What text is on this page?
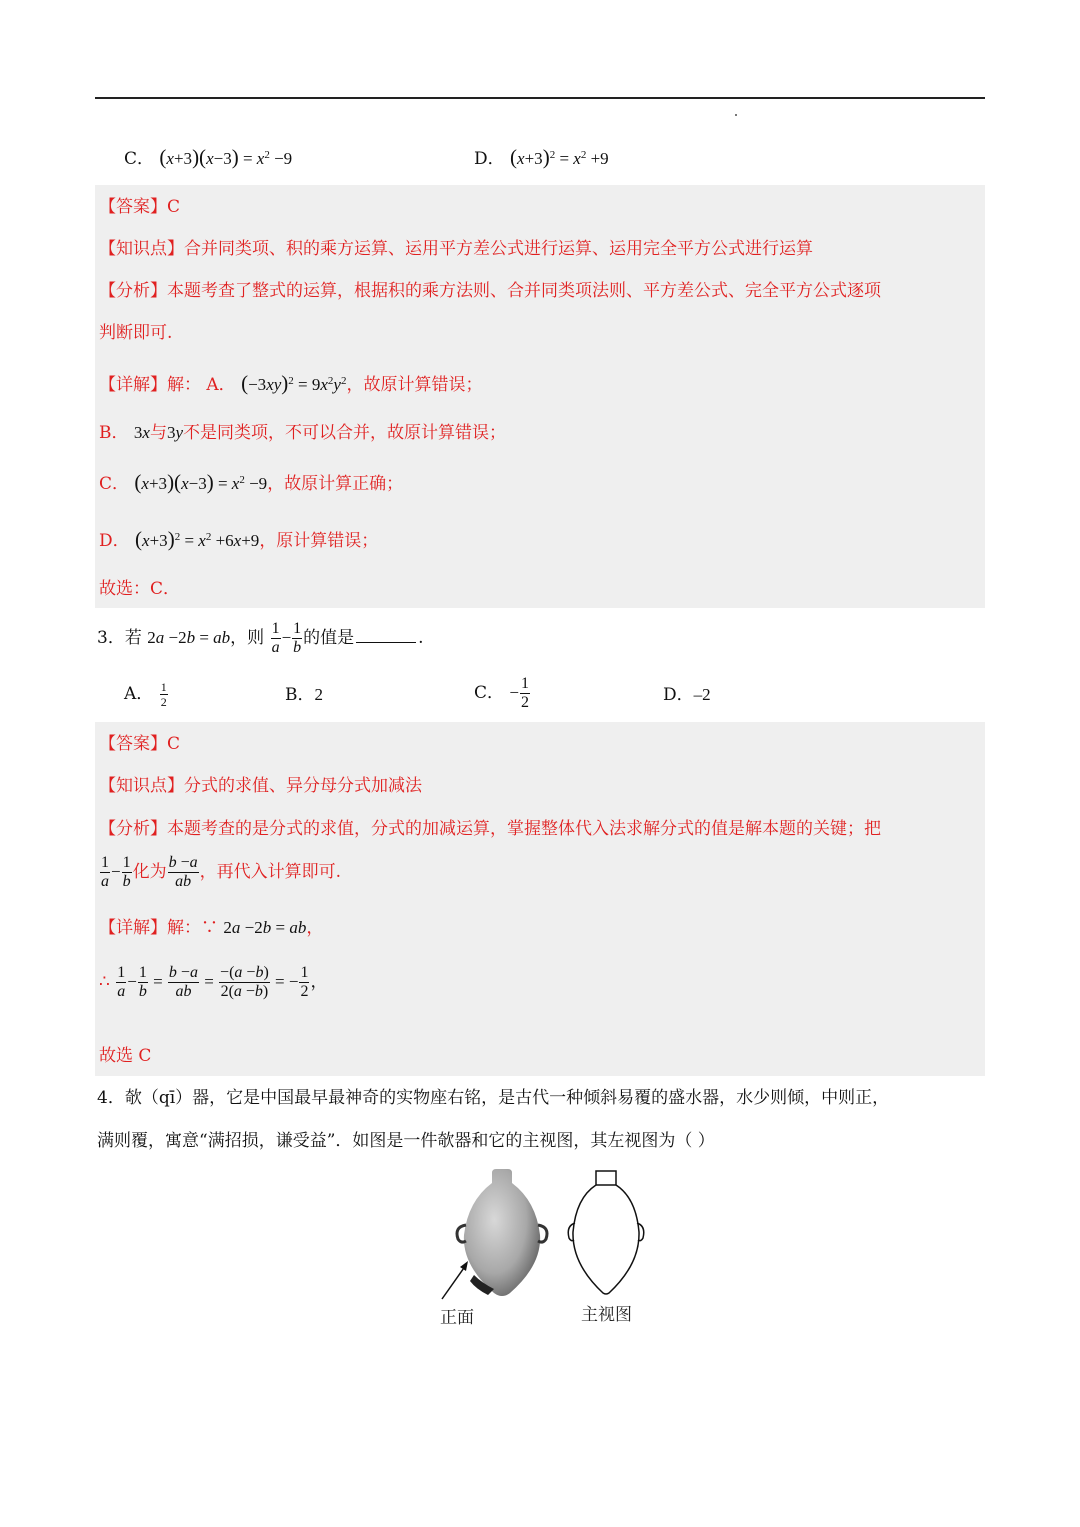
C． $(x+3)(x-3) = x^2 -9$	D． $(x+3)^2 = x^2 +9$
【答案】C
【知识点】合并同类项、积的乘方运算、运用平方差公式进行运算、运用完全平方公式进行运算
【分析】本题考查了整式的运算，根据积的乘方法则、合并同类项法则、平方差公式、完全平方公式逐项
判断即可.
【详解】解： A． $(-3xy)^2 = 9x^2y^2$，故原计算错误；
B． 3x与3y不是同类项，不可以合并，故原计算错误；
C． $(x+3)(x-3) = x^2 -9$，故原计算正确；
D． $(x+3)^2 = x^2 +6x+9$，原计算错误；
故选：C．
3．若 2a −2b = ab，则 $\frac{1}{a} - \frac{1}{b}$ 的值是	.
A． $\frac{1}{2}$	B．2	C． − $\frac{1}{2}$	D．–2
【答案】C
【知识点】分式的求值、异分母分式加减法
【分析】本题考查的是分式的求值，分式的加减运算，掌握整体代入法求解分式的值是解本题的关键；把
$\frac{1}{a} - \frac{1}{b}$ 化为 $\frac{b -a}{ab}$ ，再代入计算即可.
【详解】解：∵ 2a −2b = ab，
∴ $\frac{1}{a} - \frac{1}{b} = \frac{b -a}{ab} = \frac{-(a -b)}{2(a -b)}$ = − $\frac{1}{2}$ ，
故选 C
4．欹（qī）器，它是中国最早最神奇的实物座右铭，是古代一种倾斜易覆的盛水器，水少则倾，中则正，
满则覆，寓意“满招损，谦受益”．如图是一件欹器和它的主视图，其左视图为（ ）
正面	主视图
